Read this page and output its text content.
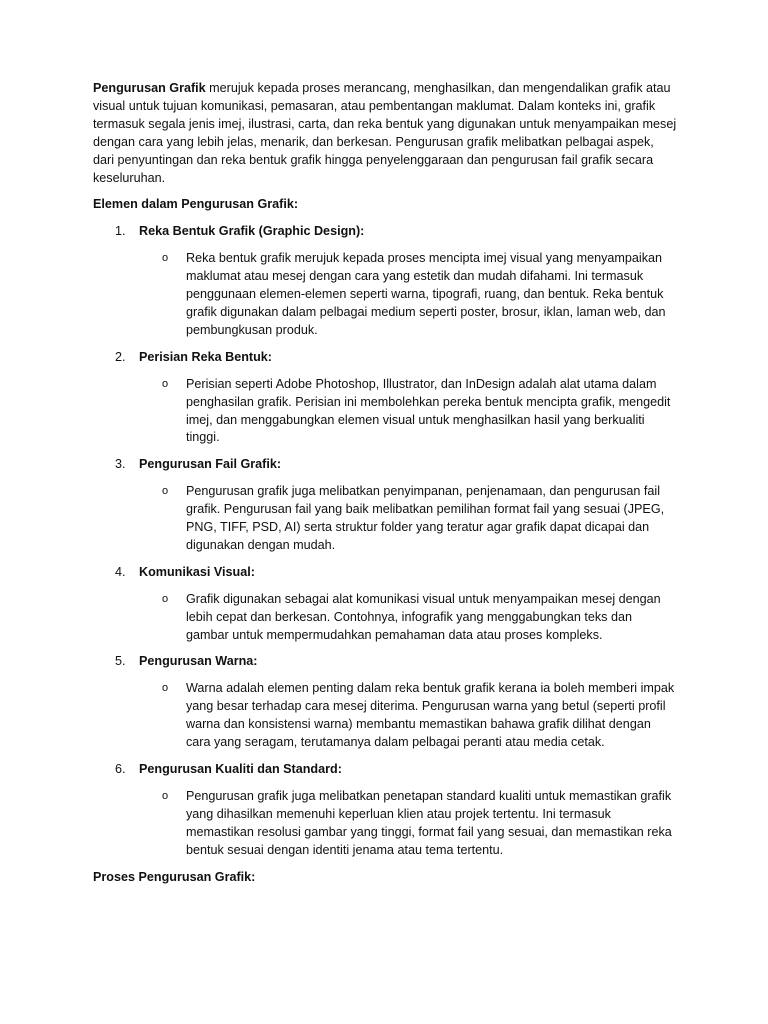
Pengurusan Grafik merujuk kepada proses merancang, menghasilkan, dan mengendalikan grafik atau visual untuk tujuan komunikasi, pemasaran, atau pembentangan maklumat. Dalam konteks ini, grafik termasuk segala jenis imej, ilustrasi, carta, dan reka bentuk yang digunakan untuk menyampaikan mesej dengan cara yang lebih jelas, menarik, dan berkesan. Pengurusan grafik melibatkan pelbagai aspek, dari penyuntingan dan reka bentuk grafik hingga penyelenggaraan dan pengurusan fail grafik secara keseluruhan.

Elemen dalam Pengurusan Grafik:

1.	Reka Bentuk Grafik (Graphic Design):
o Reka bentuk grafik merujuk kepada proses mencipta imej visual yang menyampaikan maklumat atau mesej dengan cara yang estetik dan mudah difahami. Ini termasuk penggunaan elemen-elemen seperti warna, tipografi, ruang, dan bentuk. Reka bentuk grafik digunakan dalam pelbagai medium seperti poster, brosur, iklan, laman web, dan pembungkusan produk.
2.	Perisian Reka Bentuk:
o Perisian seperti Adobe Photoshop, Illustrator, dan InDesign adalah alat utama dalam penghasilan grafik. Perisian ini membolehkan pereka bentuk mencipta grafik, mengedit imej, dan menggabungkan elemen visual untuk menghasilkan hasil yang berkualiti tinggi.
3.	Pengurusan Fail Grafik:
o Pengurusan grafik juga melibatkan penyimpanan, penjenamaan, dan pengurusan fail grafik. Pengurusan fail yang baik melibatkan pemilihan format fail yang sesuai (JPEG, PNG, TIFF, PSD, AI) serta struktur folder yang teratur agar grafik dapat dicapai dan digunakan dengan mudah.
4.	Komunikasi Visual:
o Grafik digunakan sebagai alat komunikasi visual untuk menyampaikan mesej dengan lebih cepat dan berkesan. Contohnya, infografik yang menggabungkan teks dan gambar untuk mempermudahkan pemahaman data atau proses kompleks.
5.	Pengurusan Warna:
o Warna adalah elemen penting dalam reka bentuk grafik kerana ia boleh memberi impak yang besar terhadap cara mesej diterima. Pengurusan warna yang betul (seperti profil warna dan konsistensi warna) membantu memastikan bahawa grafik dilihat dengan cara yang seragam, terutamanya dalam pelbagai peranti atau media cetak.
6.	Pengurusan Kualiti dan Standard:
o Pengurusan grafik juga melibatkan penetapan standard kualiti untuk memastikan grafik yang dihasilkan memenuhi keperluan klien atau projek tertentu. Ini termasuk memastikan resolusi gambar yang tinggi, format fail yang sesuai, dan memastikan reka bentuk sesuai dengan identiti jenama atau tema tertentu.

Proses Pengurusan Grafik:
